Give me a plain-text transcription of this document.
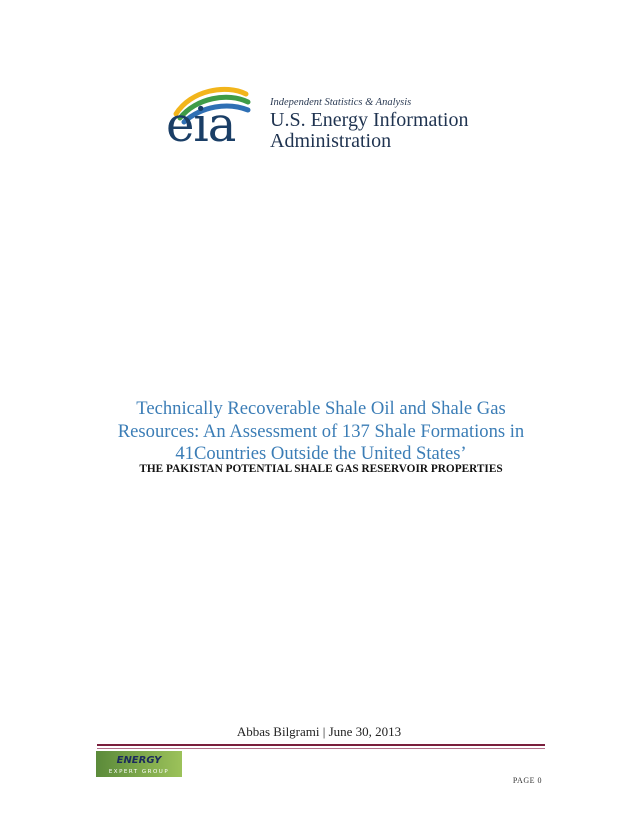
eia	Independent Statistics & Analysis
U.S. Energy Information
Administration
Technically Recoverable Shale Oil and Shale Gas
Resources: An Assessment of 137 Shale Formations in
41Countries Outside the United States’
THE PAKISTAN POTENTIAL SHALE GAS RESERVOIR PROPERTIES
Abbas Bilgrami | June 30, 2013
ENERGY
EXPERT GROUP
PAGE 0
